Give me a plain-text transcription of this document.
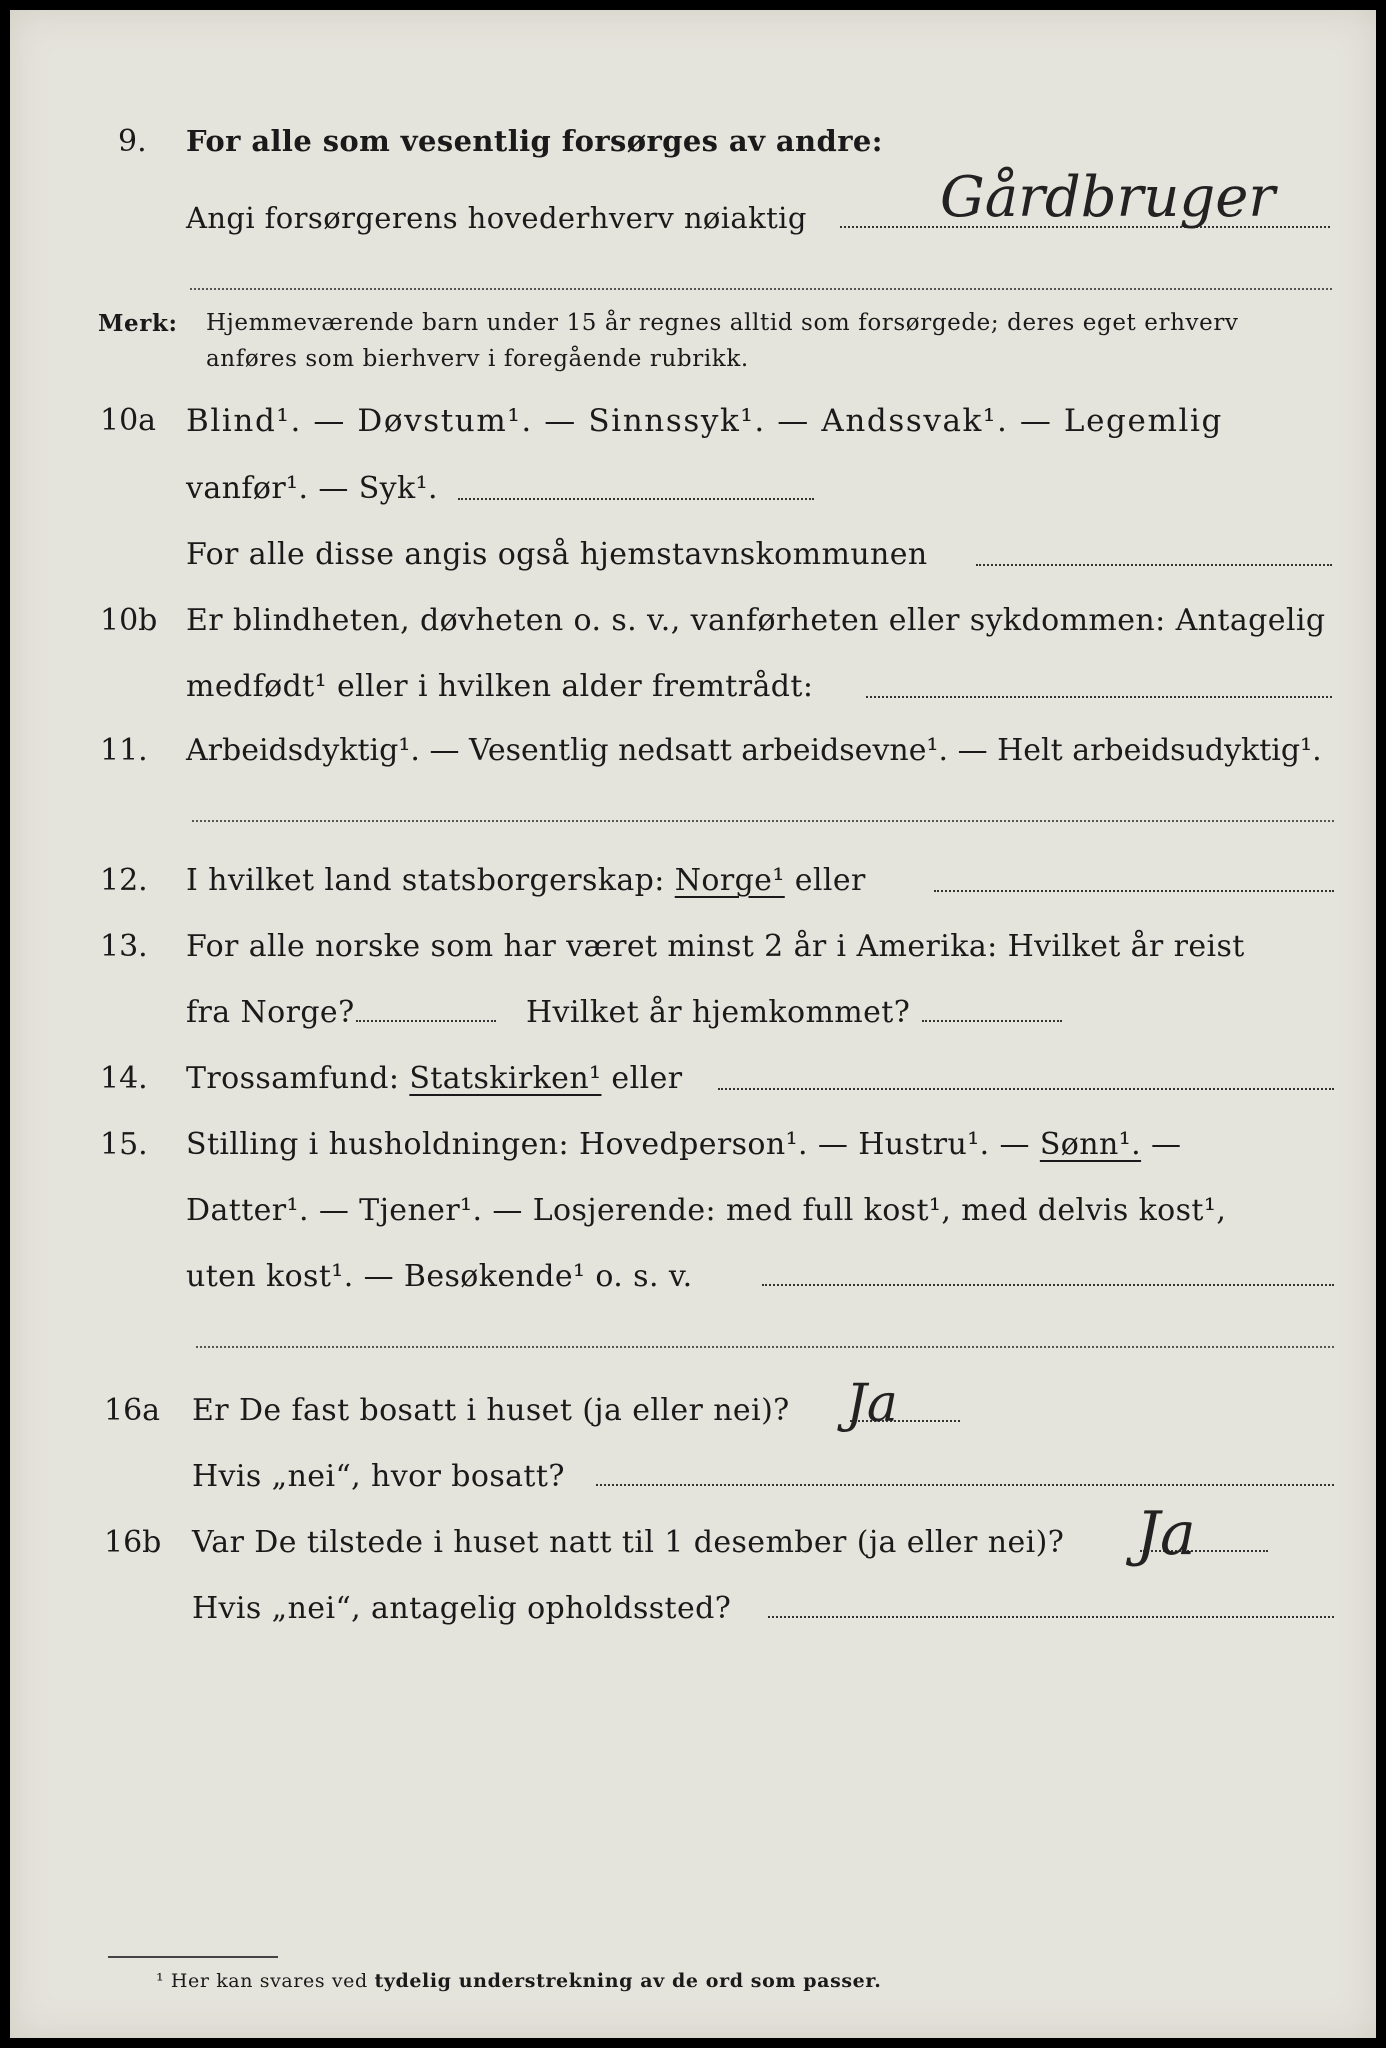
9. For alle som vesentlig forsørges av andre:
Angi forsørgerens hovederhverv nøiaktig Gårdbruger
Merk: Hjemmeværende barn under 15 år regnes alltid som forsørgede; deres eget erhverv
anføres som bierhverv i foregående rubrikk.
10a Blind¹. — Døvstum¹. — Sinnssyk¹. — Andssvak¹. — Legemlig
vanfør¹. — Syk¹.
For alle disse angis også hjemstavnskommunen
10b Er blindheten, døvheten o. s. v., vanførheten eller sykdommen: Antagelig
medfødt¹ eller i hvilken alder fremtrådt:
11. Arbeidsdyktig¹. — Vesentlig nedsatt arbeidsevne¹. — Helt arbeidsudyktig¹.
12. I hvilket land statsborgerskap: Norge¹ eller
13. For alle norske som har været minst 2 år i Amerika: Hvilket år reist
fra Norge?	Hvilket år hjemkommet?
14. Trossamfund: Statskirken¹ eller
15. Stilling i husholdningen: Hovedperson¹. — Hustru¹. — Sønn¹. —
Datter¹. — Tjener¹. — Losjerende: med full kost¹, med delvis kost¹,
uten kost¹. — Besøkende¹ o. s. v.
16a Er De fast bosatt i huset (ja eller nei)? Ja
Hvis „nei“, hvor bosatt?
16b Var De tilstede i huset natt til 1 desember (ja eller nei)? Ja
Hvis „nei“, antagelig opholdssted?
¹ Her kan svares ved tydelig understrekning av de ord som passer.
